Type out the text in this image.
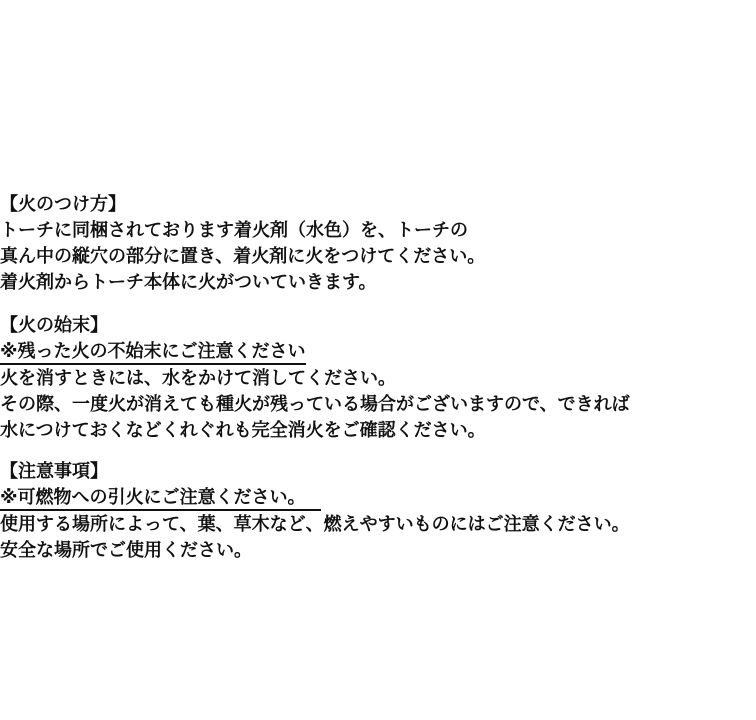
【火のつけ方】

トーチに同梱されております着火剤（水色）を、トーチの

真ん中の縦穴の部分に置き、着火剤に火をつけてください。

着火剤からトーチ本体に火がついていきます。

【火の始末】

※残った火の不始末にご注意ください

火を消すときには、水をかけて消してください。

その際、一度火が消えても種火が残っている場合がございますので、できれば

水につけておくなどくれぐれも完全消火をご確認ください。

【注意事項】

※可燃物への引火にご注意ください。

使用する場所によって、葉、草木など、燃えやすいものにはご注意ください。

安全な場所でご使用ください。
